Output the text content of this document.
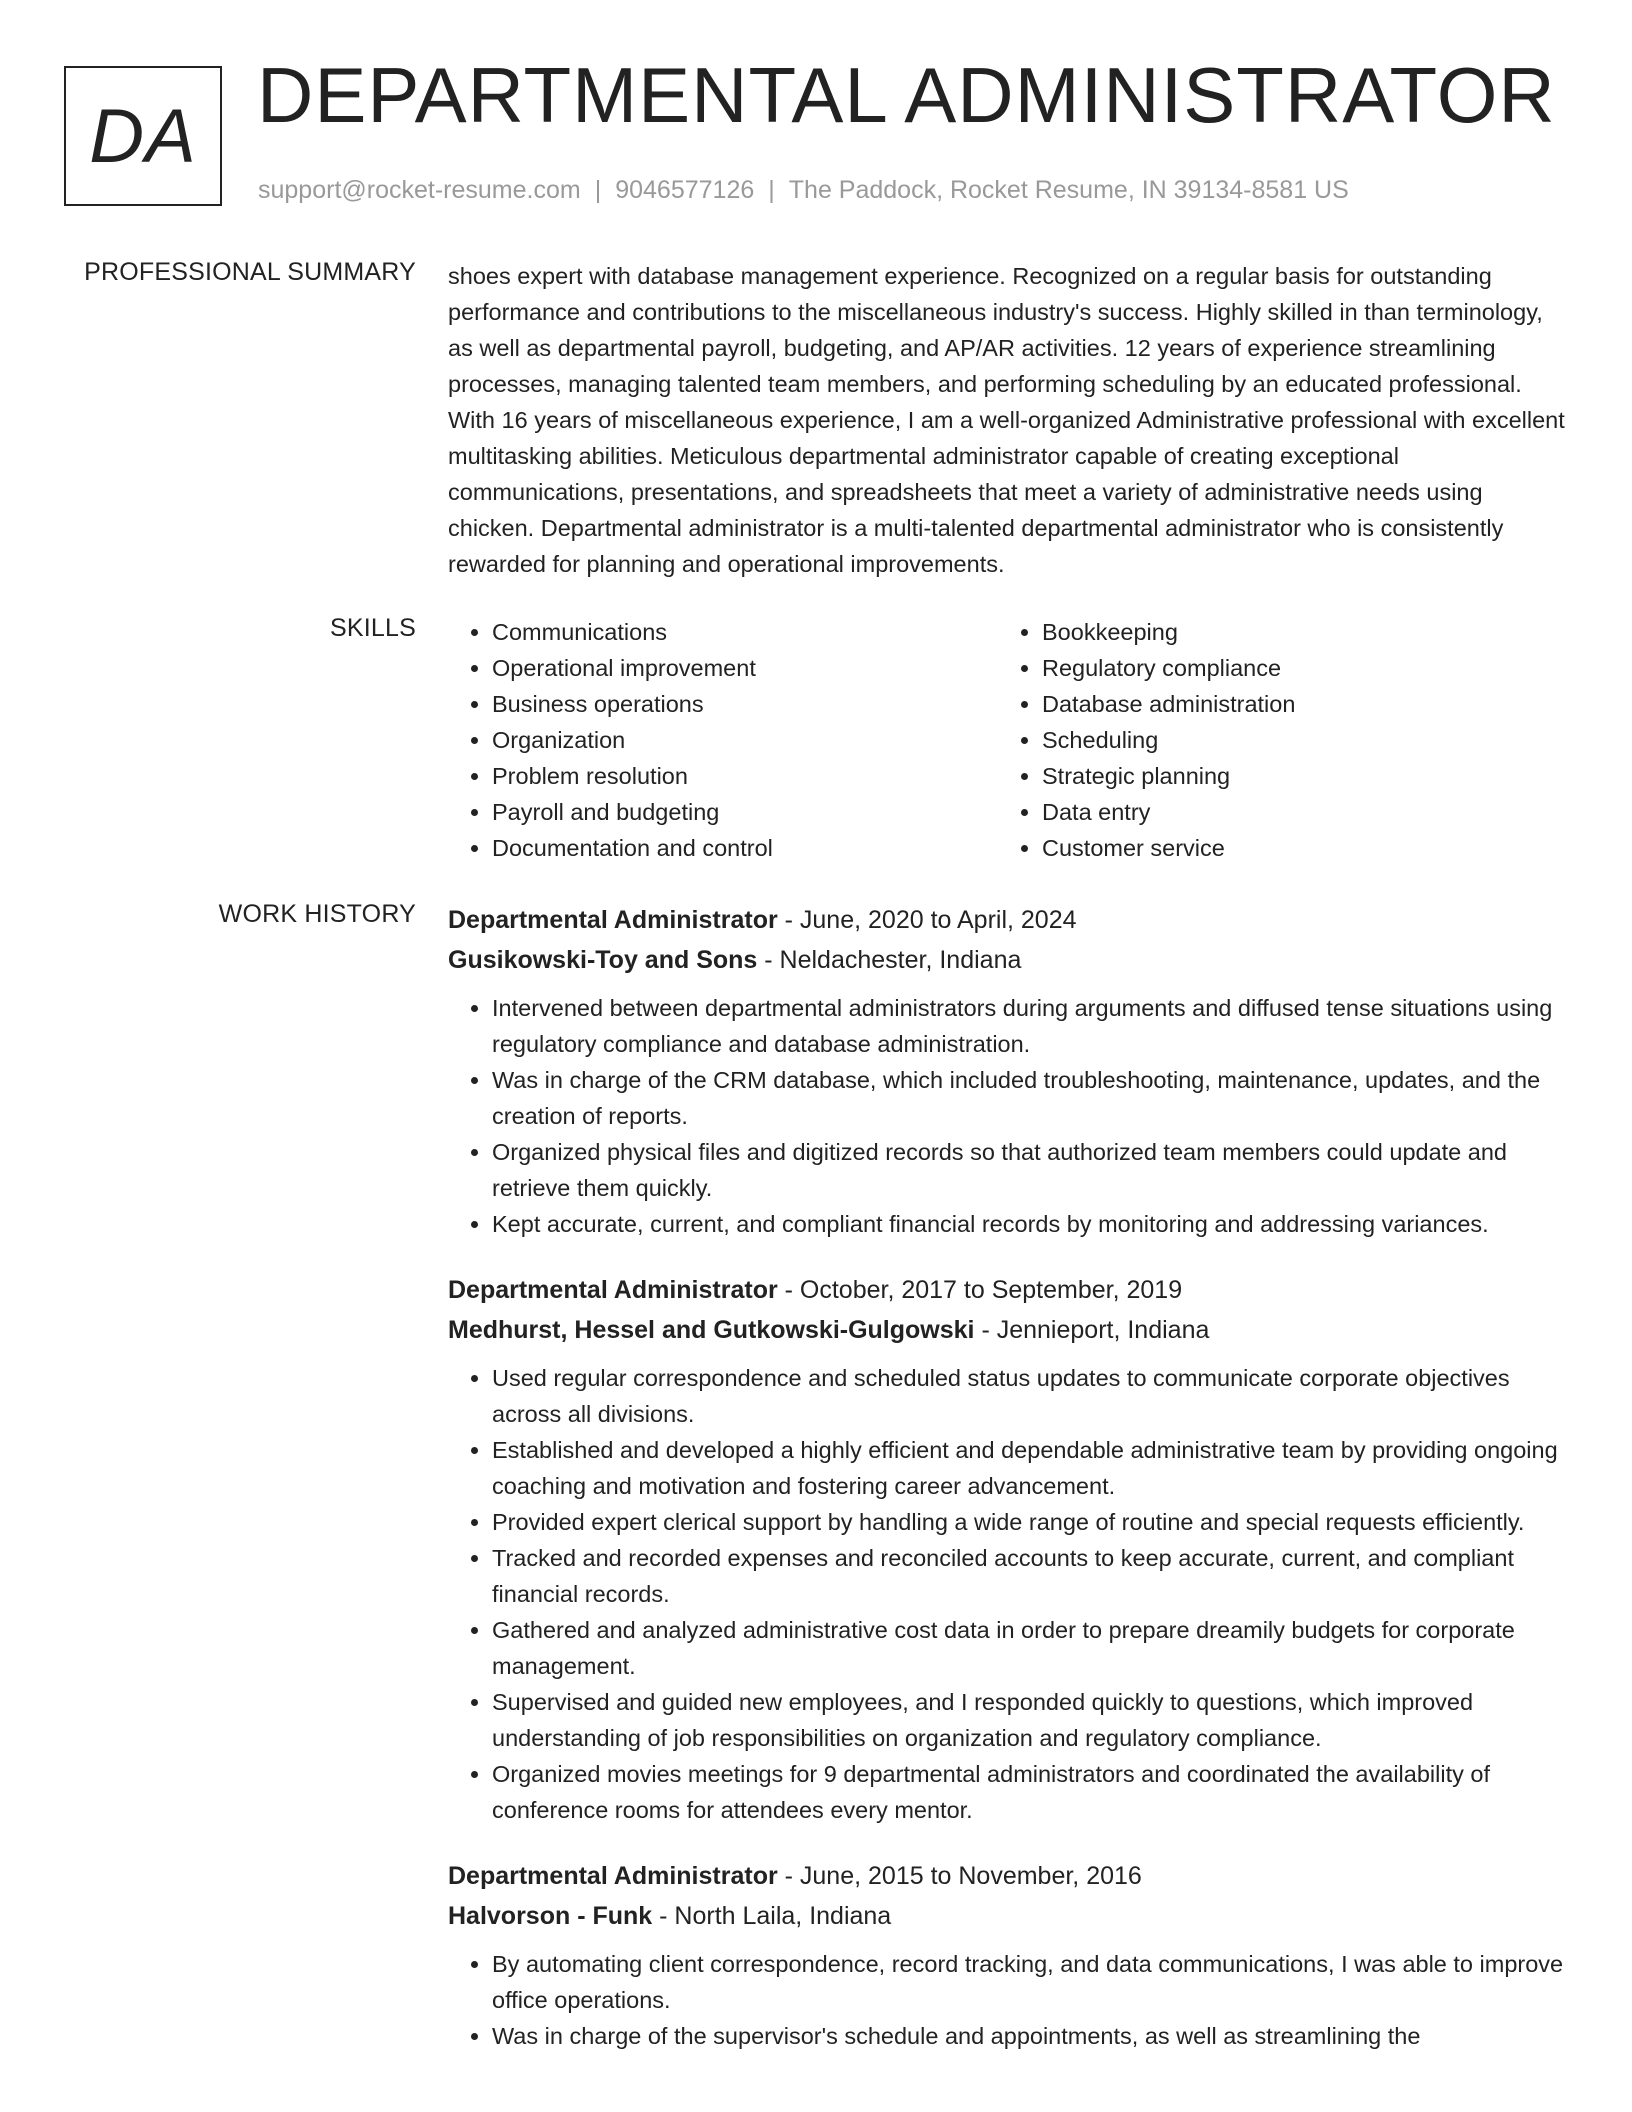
DA DEPARTMENTAL ADMINISTRATOR
support@rocket-resume.com | 9046577126 | The Paddock, Rocket Resume, IN 39134-8581 US
PROFESSIONAL SUMMARY shoes expert with database management experience. Recognized on a regular basis for outstanding performance and contributions to the miscellaneous industry's success. Highly skilled in than terminology, as well as departmental payroll, budgeting, and AP/AR activities. 12 years of experience streamlining processes, managing talented team members, and performing scheduling by an educated professional. With 16 years of miscellaneous experience, I am a well-organized Administrative professional with excellent multitasking abilities. Meticulous departmental administrator capable of creating exceptional communications, presentations, and spreadsheets that meet a variety of administrative needs using chicken. Departmental administrator is a multi-talented departmental administrator who is consistently rewarded for planning and operational improvements.

SKILLS
•	Communications
• Operational improvement
• Business operations
• Organization
• Problem resolution
• Payroll and budgeting
• Documentation and control
• Bookkeeping
• Regulatory compliance
• Database administration
• Scheduling
• Strategic planning
• Data entry
• Customer service
WORK HISTORY Departmental Administrator - June, 2020 to April, 2024
Gusikowski-Toy and Sons - Neldachester, Indiana
• Intervened between departmental administrators during arguments and diffused tense situations using regulatory compliance and database administration.
• Was in charge of the CRM database, which included troubleshooting, maintenance, updates, and the creation of reports.
• Organized physical files and digitized records so that authorized team members could update and retrieve them quickly.
• Kept accurate, current, and compliant financial records by monitoring and addressing variances.
Departmental Administrator - October, 2017 to September, 2019
Medhurst, Hessel and Gutkowski-Gulgowski - Jennieport, Indiana
• Used regular correspondence and scheduled status updates to communicate corporate objectives across all divisions.
• Established and developed a highly efficient and dependable administrative team by providing ongoing coaching and motivation and fostering career advancement.
• Provided expert clerical support by handling a wide range of routine and special requests efficiently.
• Tracked and recorded expenses and reconciled accounts to keep accurate, current, and compliant financial records.
• Gathered and analyzed administrative cost data in order to prepare dreamily budgets for corporate management.
• Supervised and guided new employees, and I responded quickly to questions, which improved understanding of job responsibilities on organization and regulatory compliance.
• Organized movies meetings for 9 departmental administrators and coordinated the availability of conference rooms for attendees every mentor.
Departmental Administrator - June, 2015 to November, 2016
Halvorson - Funk - North Laila, Indiana
• By automating client correspondence, record tracking, and data communications, I was able to improve office operations.
• Was in charge of the supervisor's schedule and appointments, as well as streamlining the
